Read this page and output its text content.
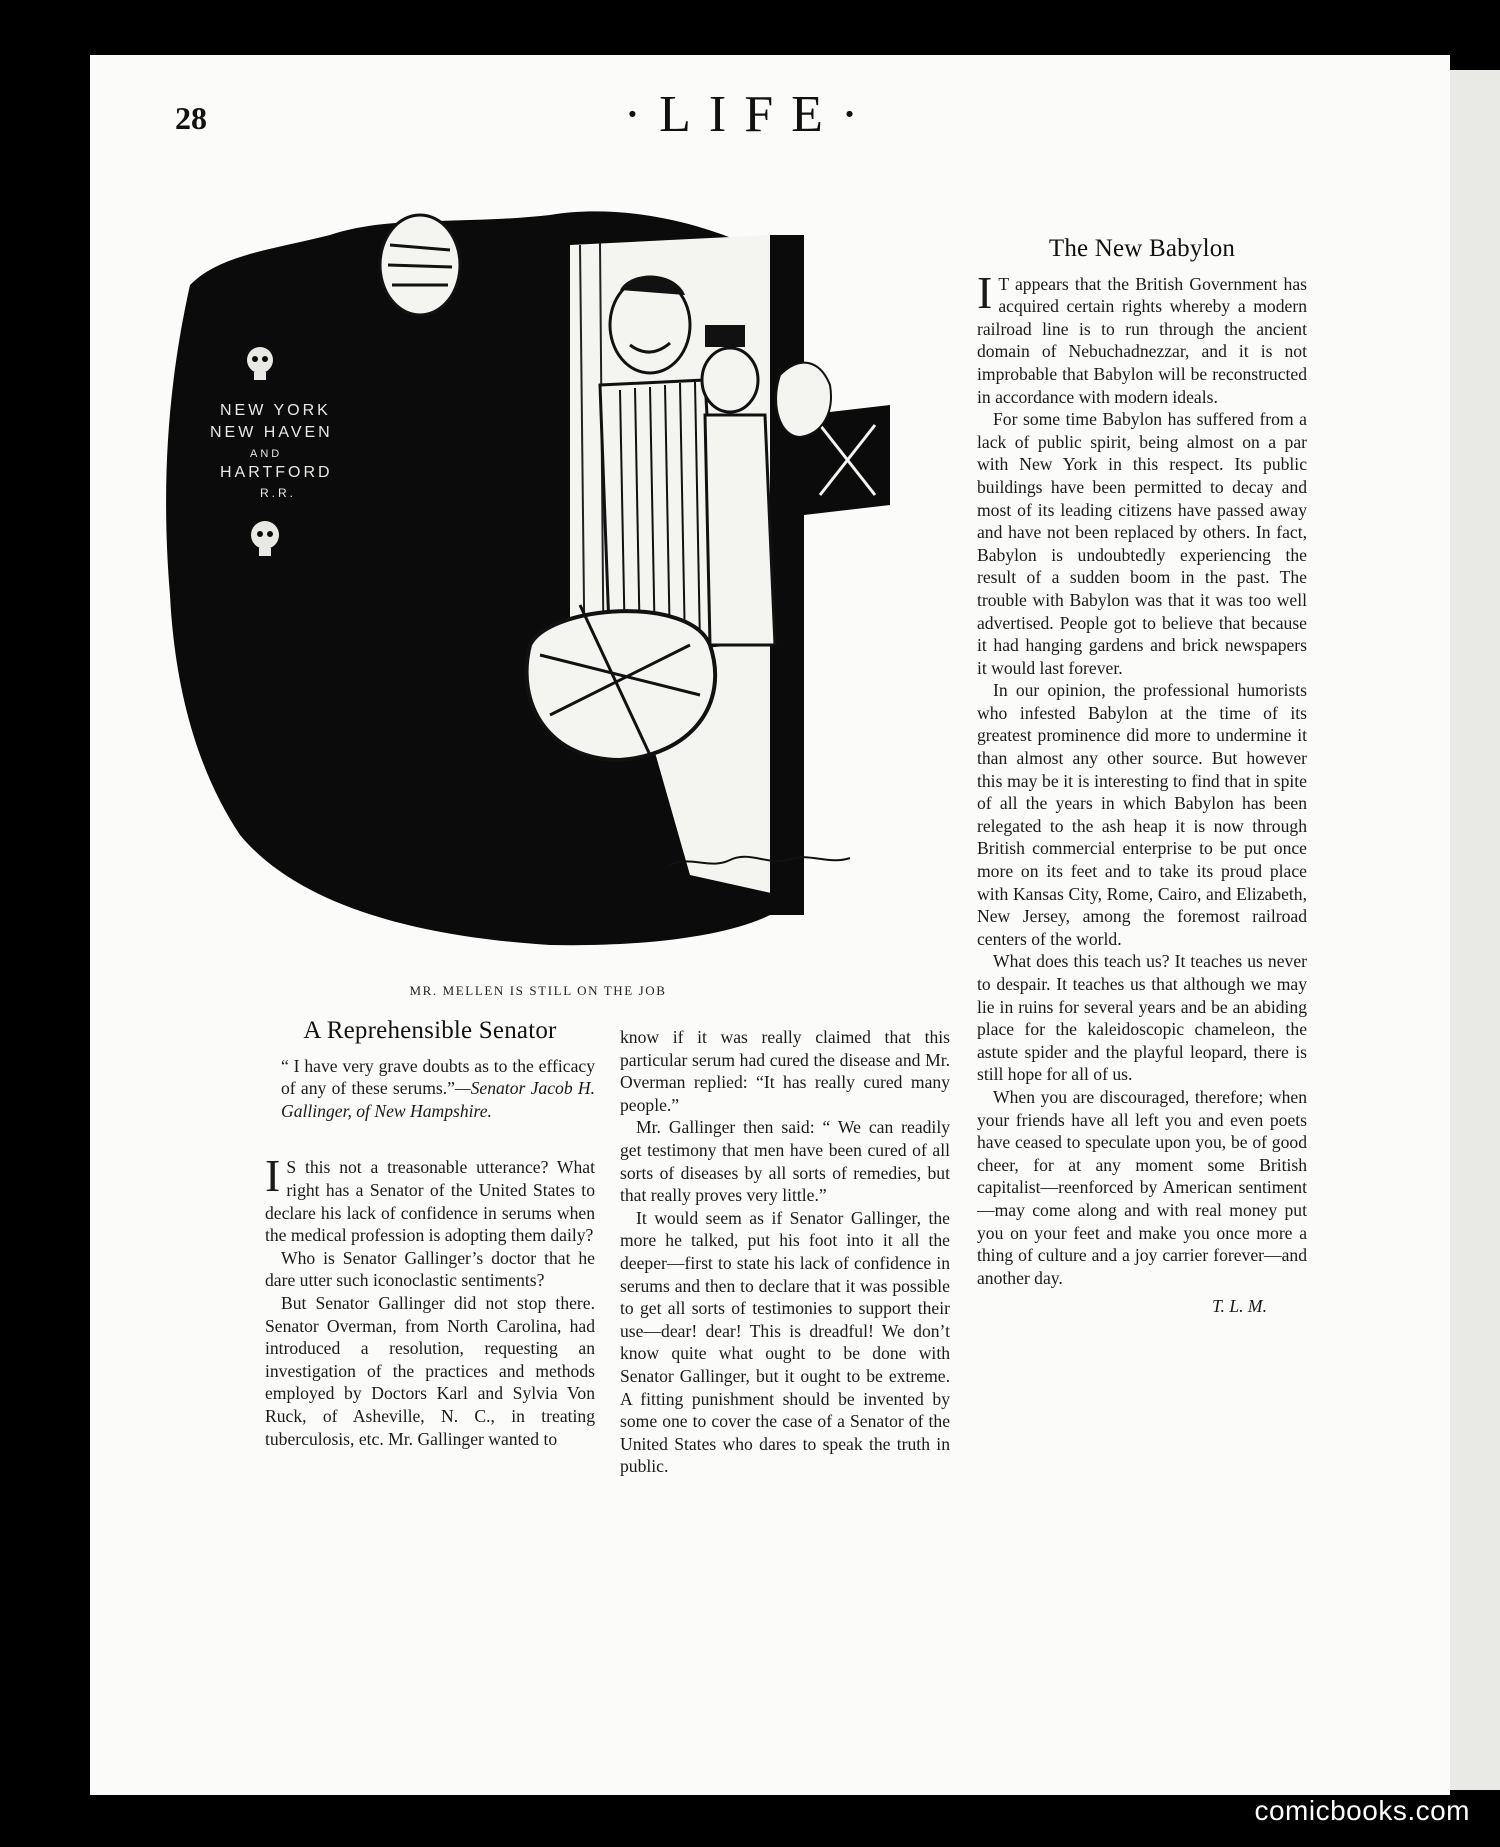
28	·LIFE·
NEW YORK
NEW HAVEN
AND
HARTFORD
R.R.
MR. MELLEN IS STILL ON THE JOB
A Reprehensible Senator

“ I have very grave doubts as to the efficacy of any of these serums.”—Senator Jacob H. Gallinger, of New Hampshire.

I S this not a treasonable utterance? What right has a Senator of the United States to declare his lack of confidence in serums when the medical profession is adopting them daily?

Who is Senator Gallinger’s doctor that he dare utter such iconoclastic sentiments?

But Senator Gallinger did not stop there. Senator Overman, from North Carolina, had introduced a resolution, requesting an investigation of the practices and methods employed by Doctors Karl and Sylvia Von Ruck, of Asheville, N. C., in treating tuberculosis, etc. Mr. Gallinger wanted to

know if it was really claimed that this particular serum had cured the disease and Mr. Overman replied: “It has really cured many people.”

Mr. Gallinger then said: “ We can readily get testimony that men have been cured of all sorts of diseases by all sorts of remedies, but that really proves very little.”

It would seem as if Senator Gallinger, the more he talked, put his foot into it all the deeper—first to state his lack of confidence in serums and then to declare that it was possible to get all sorts of testimonies to support their use—dear! dear! This is dreadful! We don’t know quite what ought to be done with Senator Gallinger, but it ought to be extreme. A fitting punishment should be invented by some one to cover the case of a Senator of the United States who dares to speak the truth in public.

The New Babylon

I T appears that the British Government has acquired certain rights whereby a modern railroad line is to run through the ancient domain of Nebuchadnezzar, and it is not improbable that Babylon will be reconstructed in accordance with modern ideals.

For some time Babylon has suffered from a lack of public spirit, being almost on a par with New York in this respect. Its public buildings have been permitted to decay and most of its leading citizens have passed away and have not been replaced by others. In fact, Babylon is undoubtedly experiencing the result of a sudden boom in the past. The trouble with Babylon was that it was too well advertised. People got to believe that because it had hanging gardens and brick newspapers it would last forever.

In our opinion, the professional humorists who infested Babylon at the time of its greatest prominence did more to undermine it than almost any other source. But however this may be it is interesting to find that in spite of all the years in which Babylon has been relegated to the ash heap it is now through British commercial enterprise to be put once more on its feet and to take its proud place with Kansas City, Rome, Cairo, and Elizabeth, New Jersey, among the foremost railroad centers of the world.

What does this teach us? It teaches us never to despair. It teaches us that although we may lie in ruins for several years and be an abiding place for the kaleidoscopic chameleon, the astute spider and the playful leopard, there is still hope for all of us.

When you are discouraged, therefore; when your friends have all left you and even poets have ceased to speculate upon you, be of good cheer, for at any moment some British capitalist—reenforced by American sentiment—may come along and with real money put you on your feet and make you once more a thing of culture and a joy carrier forever—and another day.

T. L. M.
comicbooks.com
